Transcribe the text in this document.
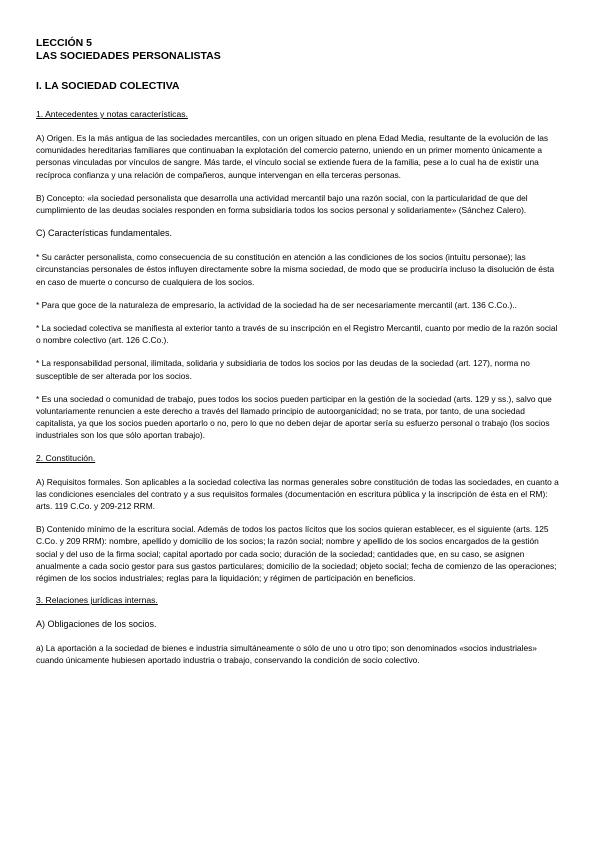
LECCIÓN 5

LAS SOCIEDADES PERSONALISTAS

I. LA SOCIEDAD COLECTIVA

1. Antecedentes y notas características.

A) Origen. Es la más antigua de las sociedades mercantiles, con un origen situado en plena Edad Media, resultante de la evolución de las comunidades hereditarias familiares que continuaban la explotación del comercio paterno, uniendo en un primer momento únicamente a personas vinculadas por vínculos de sangre. Más tarde, el vínculo social se extiende fuera de la familia, pese a lo cual ha de existir una recíproca confianza y una relación de compañeros, aunque intervengan en ella terceras personas.

B) Concepto: «la sociedad personalista que desarrolla una actividad mercantil bajo una razón social, con la particularidad de que del cumplimiento de las deudas sociales responden en forma subsidiaria todos los socios personal y solidariamente» (Sánchez Calero).

C) Características fundamentales.

* Su carácter personalista, como consecuencia de su constitución en atención a las condiciones de los socios (intuitu personae); las circunstancias personales de éstos influyen directamente sobre la misma sociedad, de modo que se produciría incluso la disolución de ésta en caso de muerte o concurso de cualquiera de los socios.

* Para que goce de la naturaleza de empresario, la actividad de la sociedad ha de ser necesariamente mercantil (art. 136 C.Co.)..

* La sociedad colectiva se manifiesta al exterior tanto a través de su inscripción en el Registro Mercantil, cuanto por medio de la razón social o nombre colectivo (art. 126 C.Co.).

* La responsabilidad personal, ilimitada, solidaria y subsidiaria de todos los socios por las deudas de la sociedad (art. 127), norma no susceptible de ser alterada por los socios.

* Es una sociedad o comunidad de trabajo, pues todos los socios pueden participar en la gestión de la sociedad (arts. 129 y ss.), salvo que voluntariamente renuncien a este derecho a través del llamado principio de autoorganicidad; no se trata, por tanto, de una sociedad capitalista, ya que los socios pueden aportarlo o no, pero lo que no deben dejar de aportar sería su esfuerzo personal o trabajo (los socios industriales son los que sólo aportan trabajo).

2. Constitución.

A) Requisitos formales. Son aplicables a la sociedad colectiva las normas generales sobre constitución de todas las sociedades, en cuanto a las condiciones esenciales del contrato y a sus requisitos formales (documentación en escritura pública y la inscripción de ésta en el RM): arts. 119 C.Co. y 209-212 RRM.

B) Contenido mínimo de la escritura social. Además de todos los pactos lícitos que los socios quieran establecer, es el siguiente (arts. 125 C.Co. y 209 RRM): nombre, apellido y domicilio de los socios; la razón social; nombre y apellido de los socios encargados de la gestión social y del uso de la firma social; capital aportado por cada socio; duración de la sociedad; cantidades que, en su caso, se asignen anualmente a cada socio gestor para sus gastos particulares; domicilio de la sociedad; objeto social; fecha de comienzo de las operaciones; régimen de los socios industriales; reglas para la liquidación; y régimen de participación en beneficios.

3. Relaciones jurídicas internas.

A) Obligaciones de los socios.

a) La aportación a la sociedad de bienes e industria simultáneamente o sólo de uno u otro tipo; son denominados «socios industriales» cuando únicamente hubiesen aportado industria o trabajo, conservando la condición de socio colectivo.
